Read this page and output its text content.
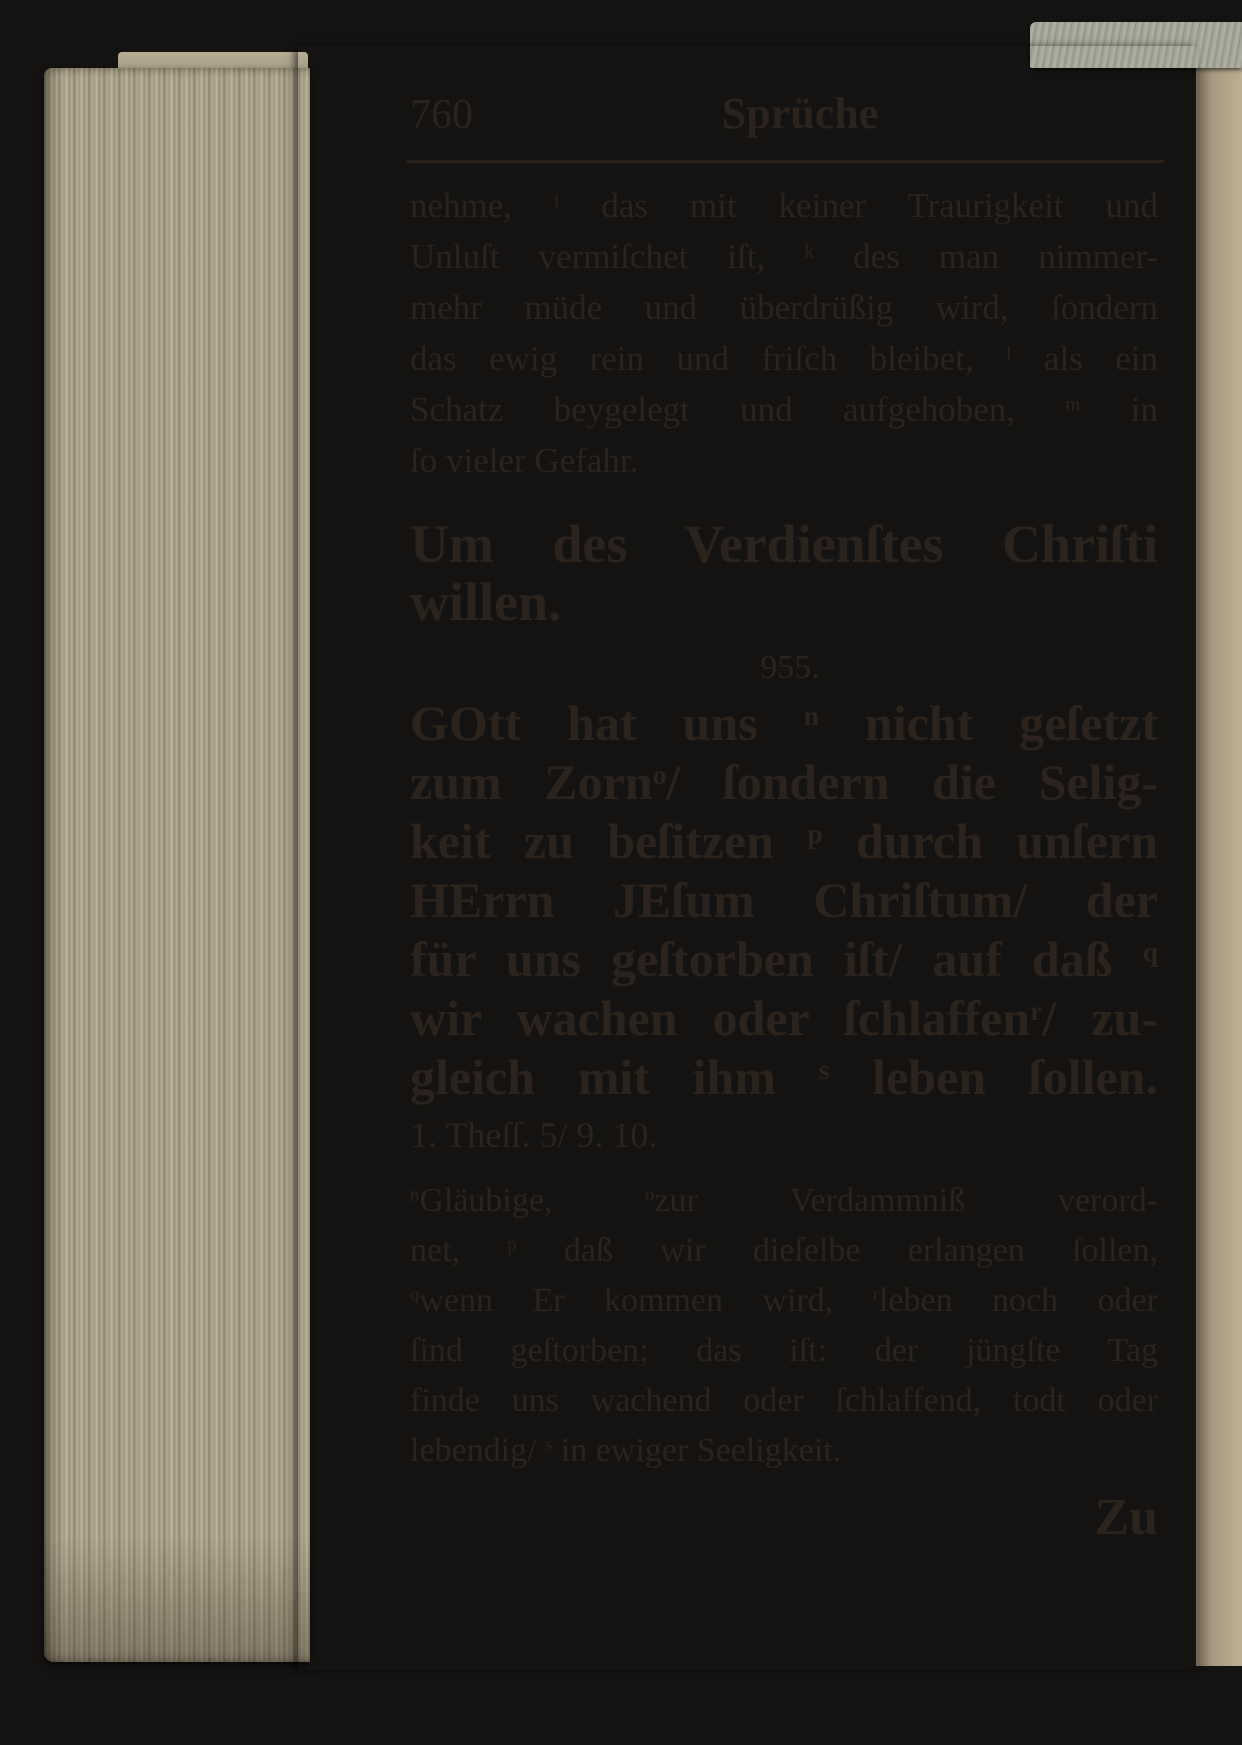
760	Sprüche
nehme, $^i$ das mit keiner Traurigkeit und
Unluſt vermiſchet iſt, $^k$ des man nimmer-
mehr müde und überdrüßig wird, ſondern
das ewig rein und friſch bleibet, $^l$ als ein
Schatz beygelegt und aufgehoben, $^m$ in
ſo vieler Gefahr.
Um des Verdienſtes Chriſti
willen.
955.
GOtt hat uns $^n$ nicht geſetzt
zum Zorn$^o$/ ſondern die Selig-
keit zu beſitzen $^p$ durch unſern
HErrn JEſum Chriſtum/ der
für uns geſtorben iſt/ auf daß $^q$
wir wachen oder ſchlaffen$^r$/ zu-
gleich mit ihm $^s$ leben ſollen.
1. Theſſ. 5/ 9. 10.
$^n$Gläubige, $^o$zur Verdammniß verord-
net, $^p$ daß wir dieſelbe erlangen ſollen,
$^q$wenn Er kommen wird, $^r$leben noch oder
ſind geſtorben; das iſt: der jüngſte Tag
finde uns wachend oder ſchlaffend, todt oder
lebendig/ $^s$ in ewiger Seeligkeit.
Zu
